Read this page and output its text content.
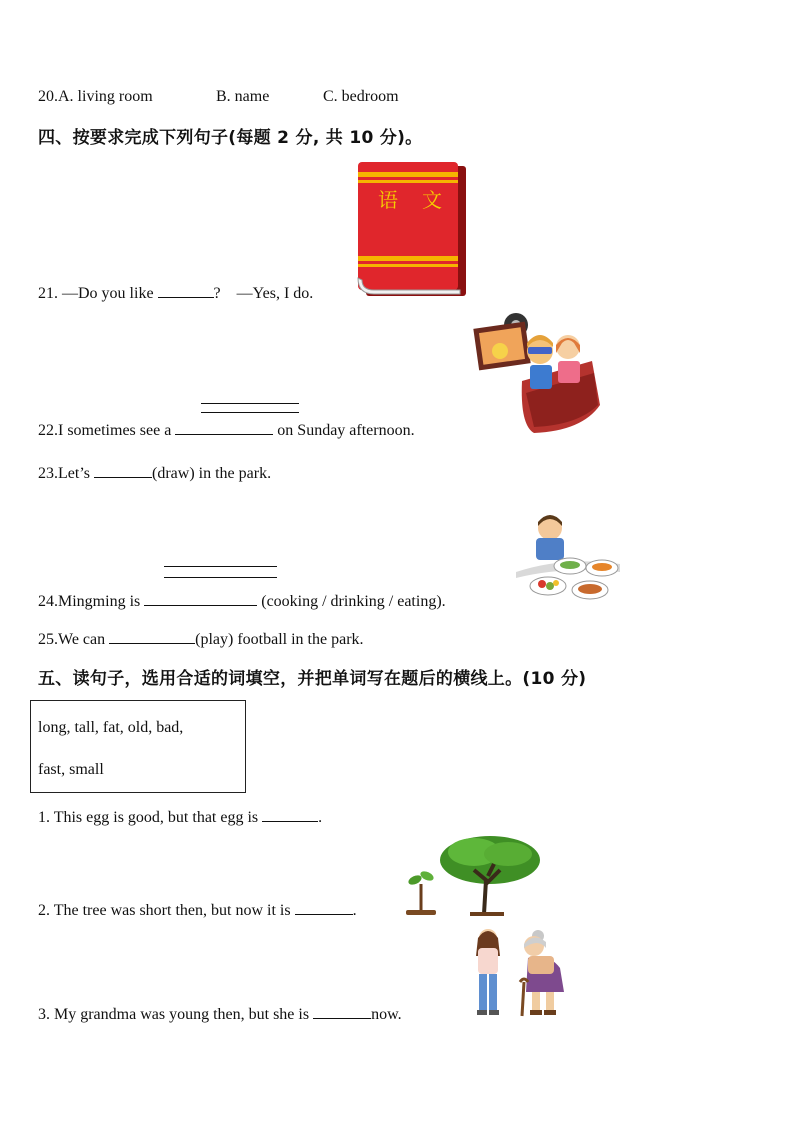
20.A. living room	B. name	C. bedroom
四、按要求完成下列句子(每题 2 分, 共 10 分)。
语 文
21. —Do you like	? —Yes, I do.
22.I sometimes see a	on Sunday afternoon.
23.Let’s	(draw) in the park.
24.Mingming is	(cooking / drinking / eating).
25.We can	(play) football in the park.
五、读句子，选用合适的词填空，并把单词写在题后的横线上。(10 分)
long, tall, fat, old, bad,
fast, small
1. This egg is good, but that egg is	.
2. The tree was short then, but now it is	.
3. My grandma was young then, but she is	now.
